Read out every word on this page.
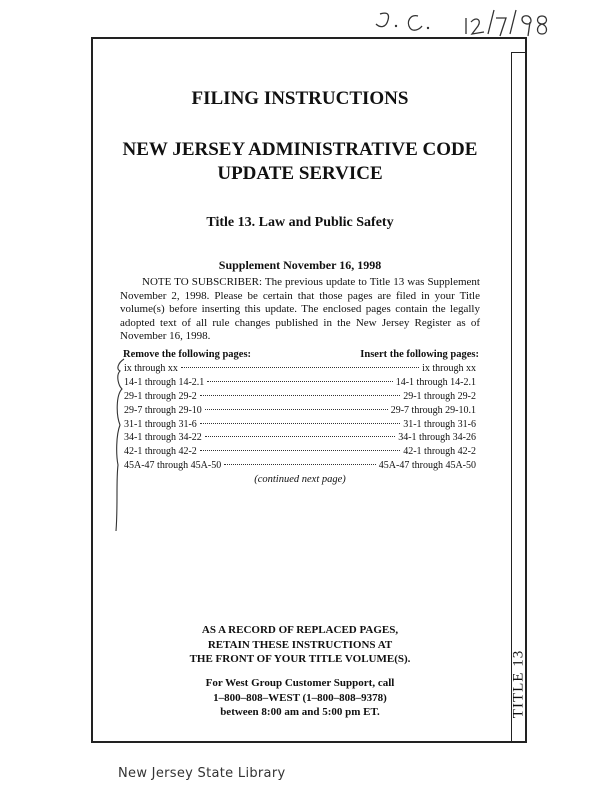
TITLE 13
FILING INSTRUCTIONS
NEW JERSEY ADMINISTRATIVE CODE
UPDATE SERVICE
Title 13. Law and Public Safety
Supplement November 16, 1998
NOTE TO SUBSCRIBER: The previous update to Title 13 was Supplement November 2, 1998. Please be certain that those pages are filed in your Title volume(s) before inserting this update. The enclosed pages contain the legally adopted text of all rule changes published in the New Jersey Register as of November 16, 1998.
Remove the following pages:	Insert the following pages:
ix through xx	ix through xx
14-1 through 14-2.1	14-1 through 14-2.1
29-1 through 29-2	29-1 through 29-2
29-7 through 29-10	29-7 through 29-10.1
31-1 through 31-6	31-1 through 31-6
34-1 through 34-22	34-1 through 34-26
42-1 through 42-2	42-1 through 42-2
45A-47 through 45A-50	45A-47 through 45A-50
(continued next page)
AS A RECORD OF REPLACED PAGES,
RETAIN THESE INSTRUCTIONS AT
THE FRONT OF YOUR TITLE VOLUME(S).
For West Group Customer Support, call
1–800–808–WEST (1–800–808–9378)
between 8:00 am and 5:00 pm ET.
New Jersey State Library
